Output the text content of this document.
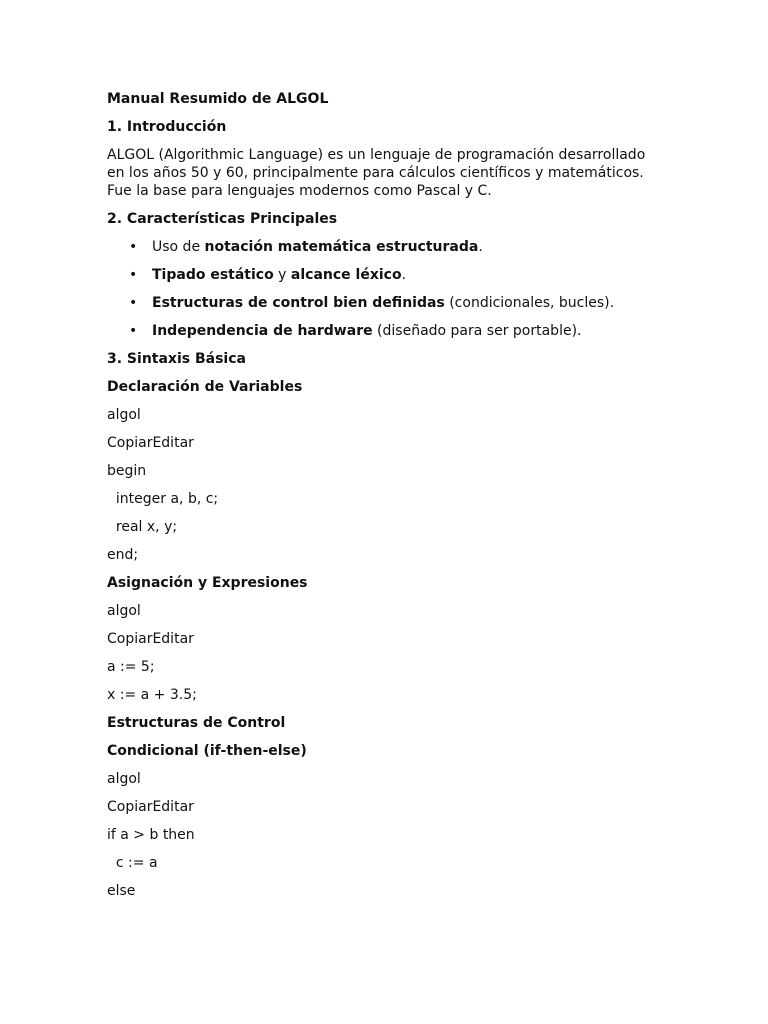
Manual Resumido de ALGOL
1. Introducción
ALGOL (Algorithmic Language) es un lenguaje de programación desarrollado en los años 50 y 60, principalmente para cálculos científicos y matemáticos. Fue la base para lenguajes modernos como Pascal y C.
2. Características Principales
• Uso de notación matemática estructurada.
• Tipado estático y alcance léxico.
• Estructuras de control bien definidas (condicionales, bucles).
• Independencia de hardware (diseñado para ser portable).
3. Sintaxis Básica
Declaración de Variables
algol
CopiarEditar
begin
integer a, b, c;
real x, y;
end;
Asignación y Expresiones
algol
CopiarEditar
a := 5;
x := a + 3.5;
Estructuras de Control
Condicional (if-then-else)
algol
CopiarEditar
if a > b then
c := a
else
